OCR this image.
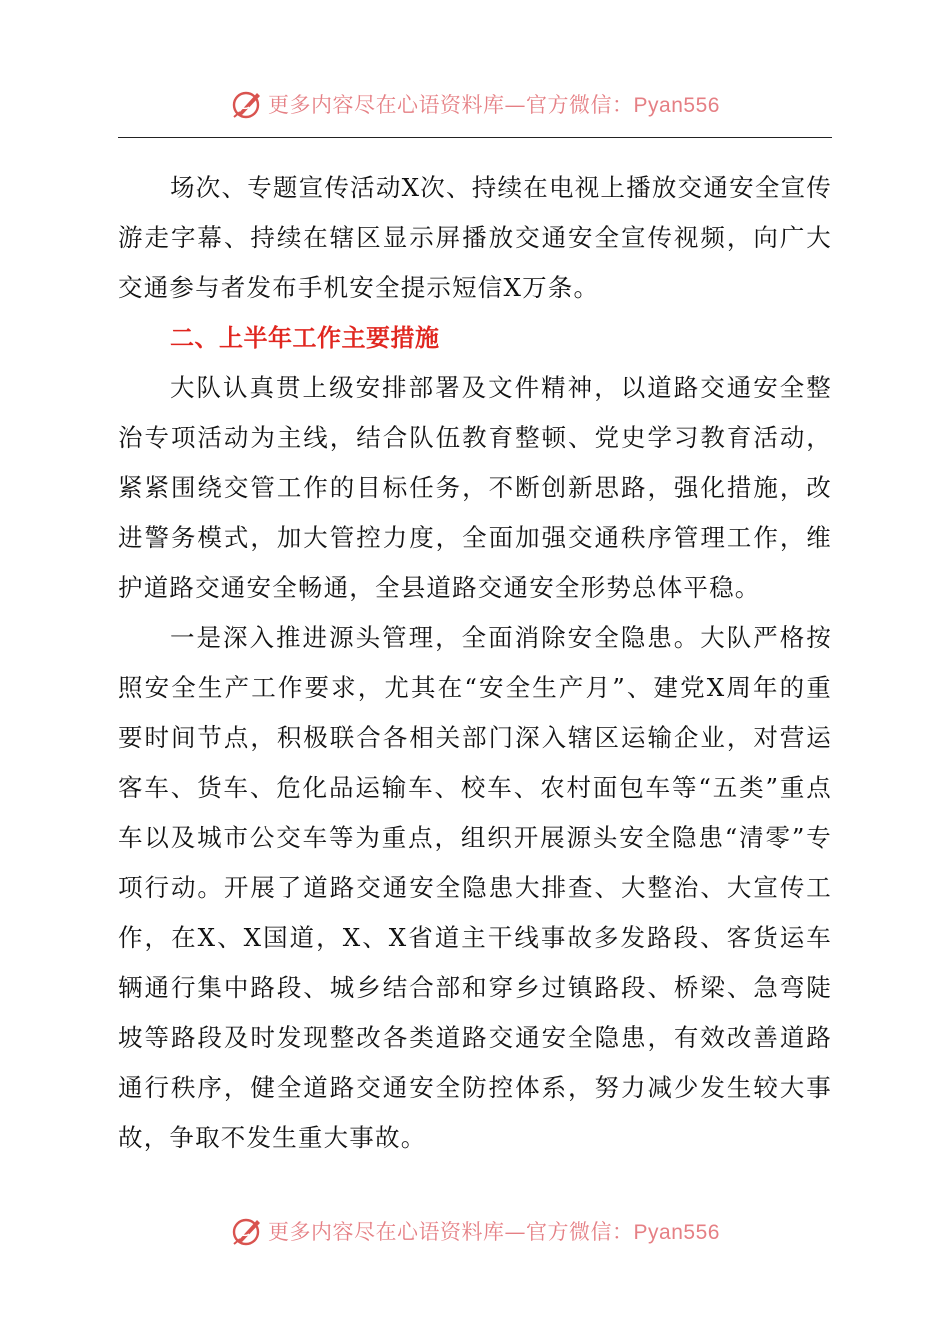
更多内容尽在心语资料库—官方微信：Pyan556

场次、专题宣传活动X次、持续在电视上播放交通安全宣传游走字幕、持续在辖区显示屏播放交通安全宣传视频，向广大交通参与者发布手机安全提示短信X万条。

二、上半年工作主要措施

大队认真贯上级安排部署及文件精神，以道路交通安全整治专项活动为主线，结合队伍教育整顿、党史学习教育活动，紧紧围绕交管工作的目标任务，不断创新思路，强化措施，改进警务模式，加大管控力度，全面加强交通秩序管理工作，维护道路交通安全畅通，全县道路交通安全形势总体平稳。

一是深入推进源头管理，全面消除安全隐患。大队严格按照安全生产工作要求，尤其在“安全生产月”、建党X周年的重要时间节点，积极联合各相关部门深入辖区运输企业，对营运客车、货车、危化品运输车、校车、农村面包车等“五类”重点车以及城市公交车等为重点，组织开展源头安全隐患“清零”专项行动。开展了道路交通安全隐患大排查、大整治、大宣传工作，在X、X国道，X、X省道主干线事故多发路段、客货运车辆通行集中路段、城乡结合部和穿乡过镇路段、桥梁、急弯陡坡等路段及时发现整改各类道路交通安全隐患，有效改善道路通行秩序，健全道路交通安全防控体系，努力减少发生较大事故，争取不发生重大事故。

更多内容尽在心语资料库—官方微信：Pyan556
